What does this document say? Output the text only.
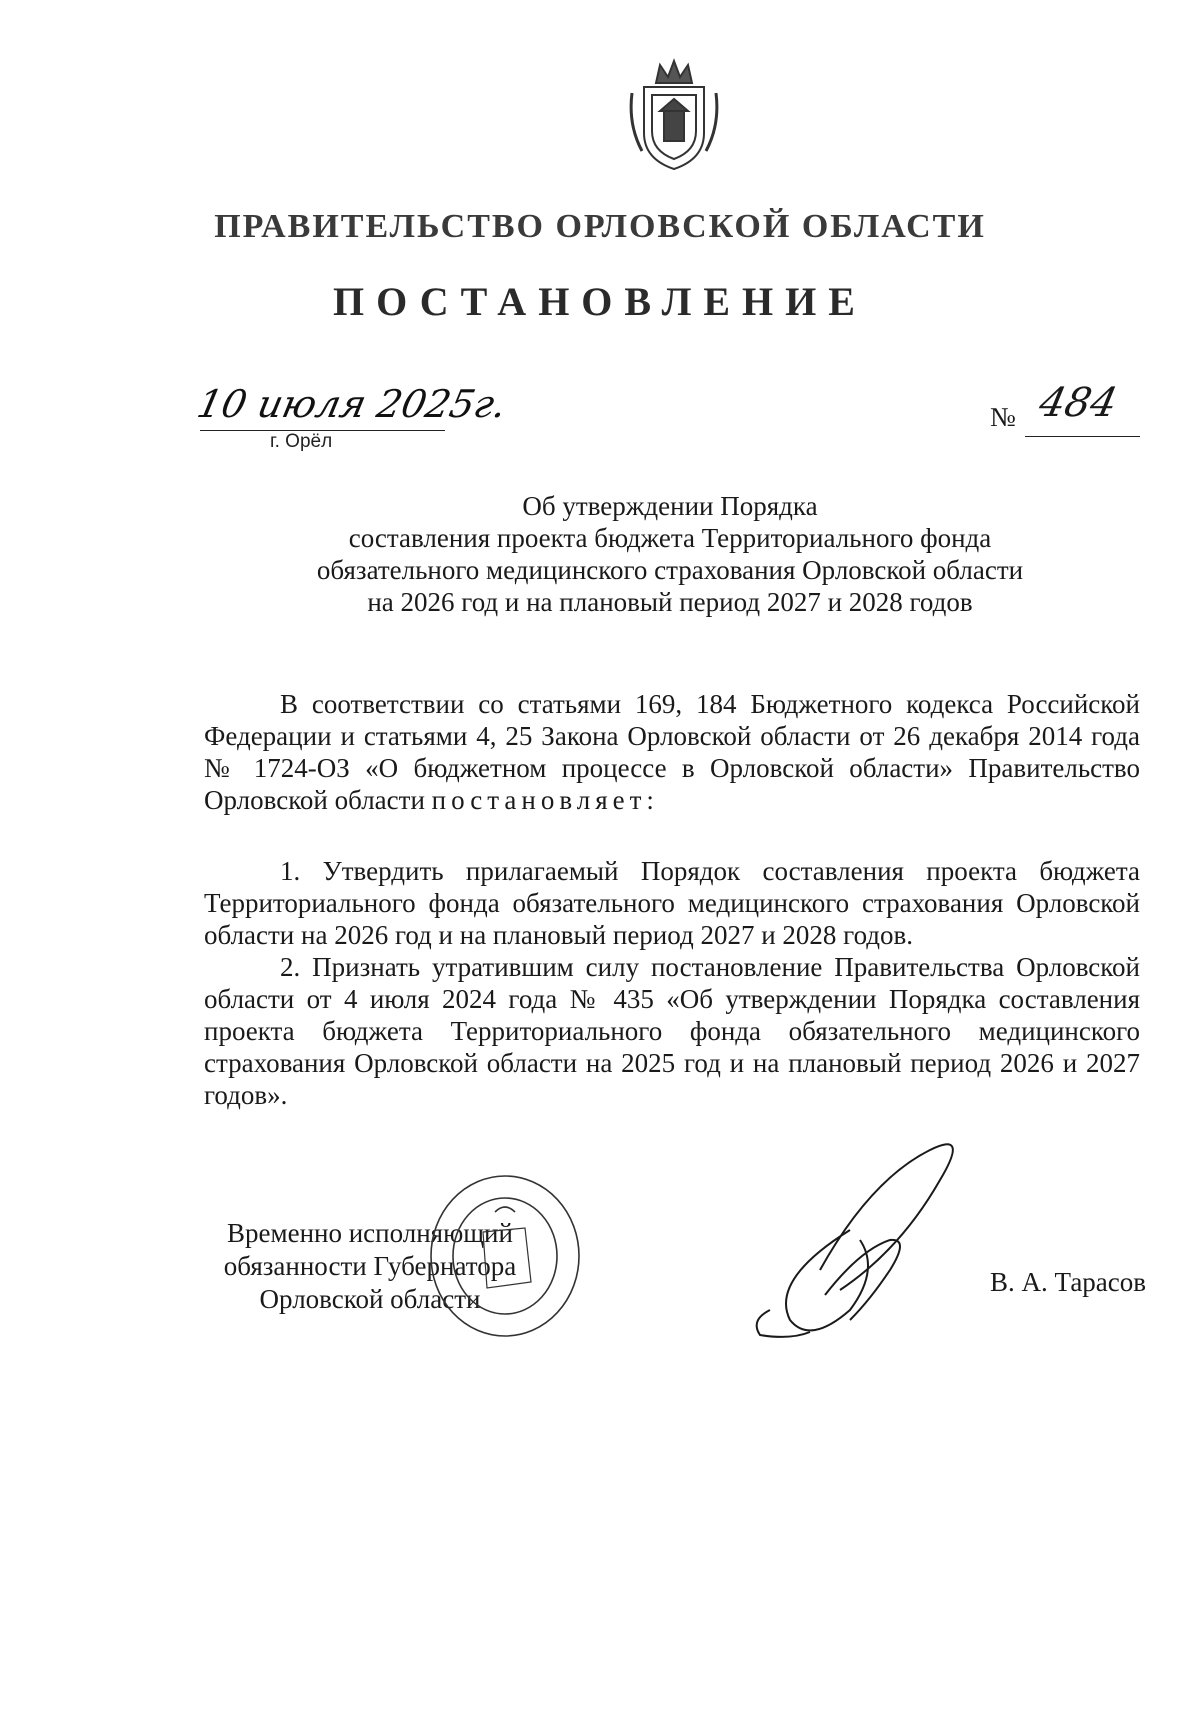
ПРАВИТЕЛЬСТВО ОРЛОВСКОЙ ОБЛАСТИ
ПОСТАНОВЛЕНИЕ
10 июля 2025г.
г. Орёл
№ 484
Об утверждении Порядка
составления проекта бюджета Территориального фонда
обязательного медицинского страхования Орловской области
на 2026 год и на плановый период 2027 и 2028 годов

В соответствии со статьями 169, 184 Бюджетного кодекса Российской Федерации и статьями 4, 25 Закона Орловской области от 26 декабря 2014 года № 1724-ОЗ «О бюджетном процессе в Орловской области» Правительство Орловской области постановляет:

1. Утвердить прилагаемый Порядок составления проекта бюджета Территориального фонда обязательного медицинского страхования Орловской области на 2026 год и на плановый период 2027 и 2028 годов.

2. Признать утратившим силу постановление Правительства Орловской области от 4 июля 2024 года № 435 «Об утверждении Порядка составления проекта бюджета Территориального фонда обязательного медицинского страхования Орловской области на 2025 год и на плановый период 2026 и 2027 годов».

Временно исполняющий
обязанности Губернатора
Орловской области
В. А. Тарасов
